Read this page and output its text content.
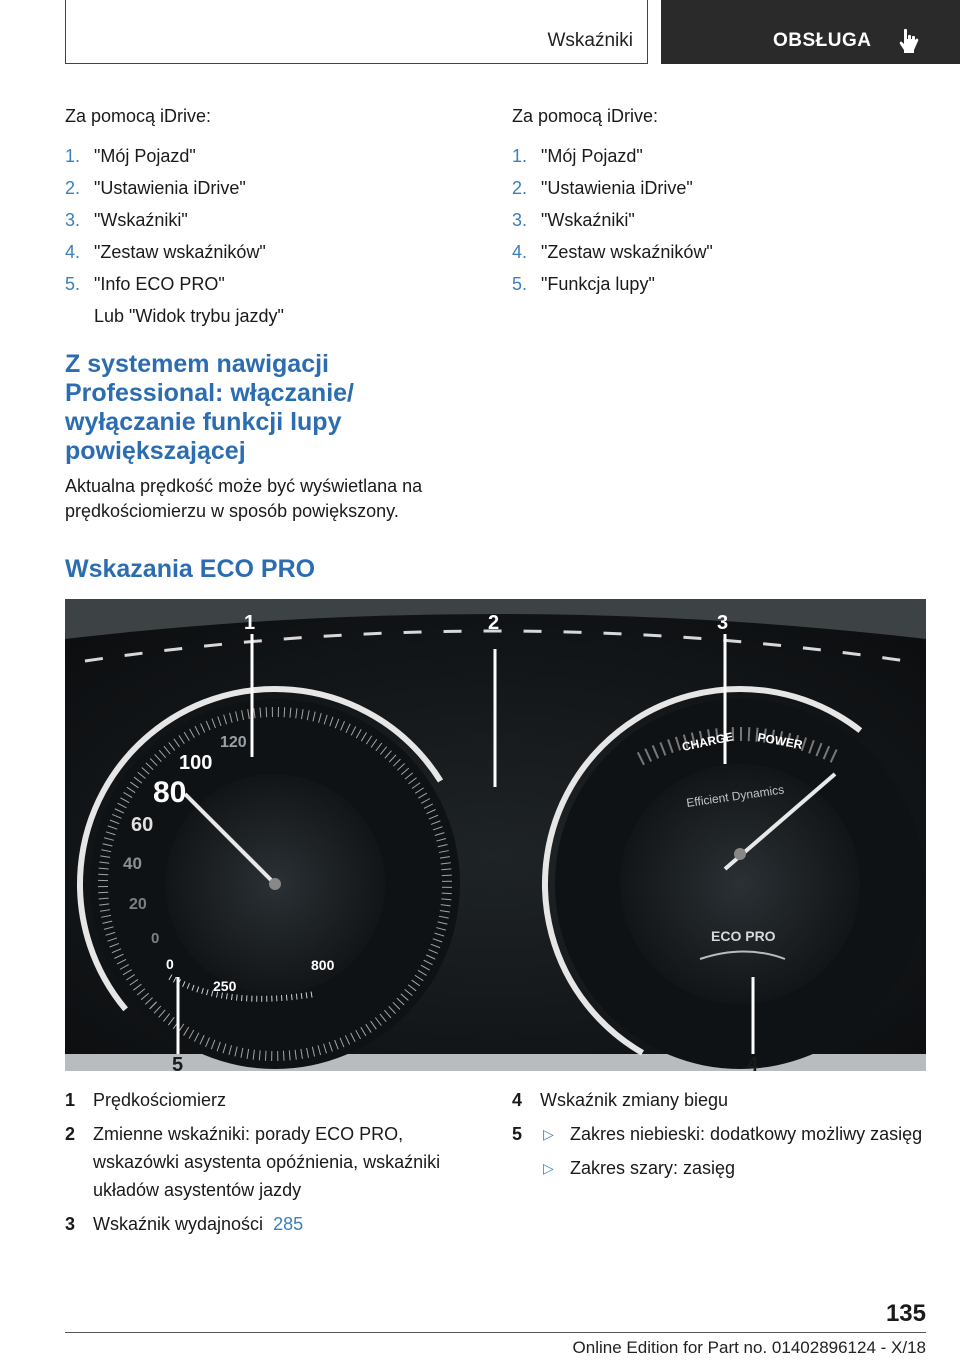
Wskaźniki	OBSŁUGA

Za pomocą iDrive:

1. "Mój Pojazd"
2. "Ustawienia iDrive"
3. "Wskaźniki"
4. "Zestaw wskaźników"
5. "Info ECO PRO"
Lub "Widok trybu jazdy"
Z systemem nawigacji Professional: włączanie/ wyłączanie funkcji lupy powiększającej

Aktualna prędkość może być wyświetlana na prędkościomierzu w sposób powiększony.

Za pomocą iDrive:

1. "Mój Pojazd"
2. "Ustawienia iDrive"
3. "Wskaźniki"
4. "Zestaw wskaźników"
5. "Funkcja lupy"
Wskazania ECO PRO
120
100
80
60
40
20
0
0
250
800
CHARGE POWER
Efficient Dynamics
ECO PRO
1	2	3
4
5
1 Prędkościomierz
2 Zmienne wskaźniki: porady ECO PRO, wskazówki asystenta opóźnienia, wskaźniki układów asystentów jazdy
3 Wskaźnik wydajności 285
4 Wskaźnik zmiany biegu
5 ▷ Zakres niebieski: dodatkowy możliwy zasięg
▷ Zakres szary: zasięg
135
Online Edition for Part no. 01402896124 - X/18
